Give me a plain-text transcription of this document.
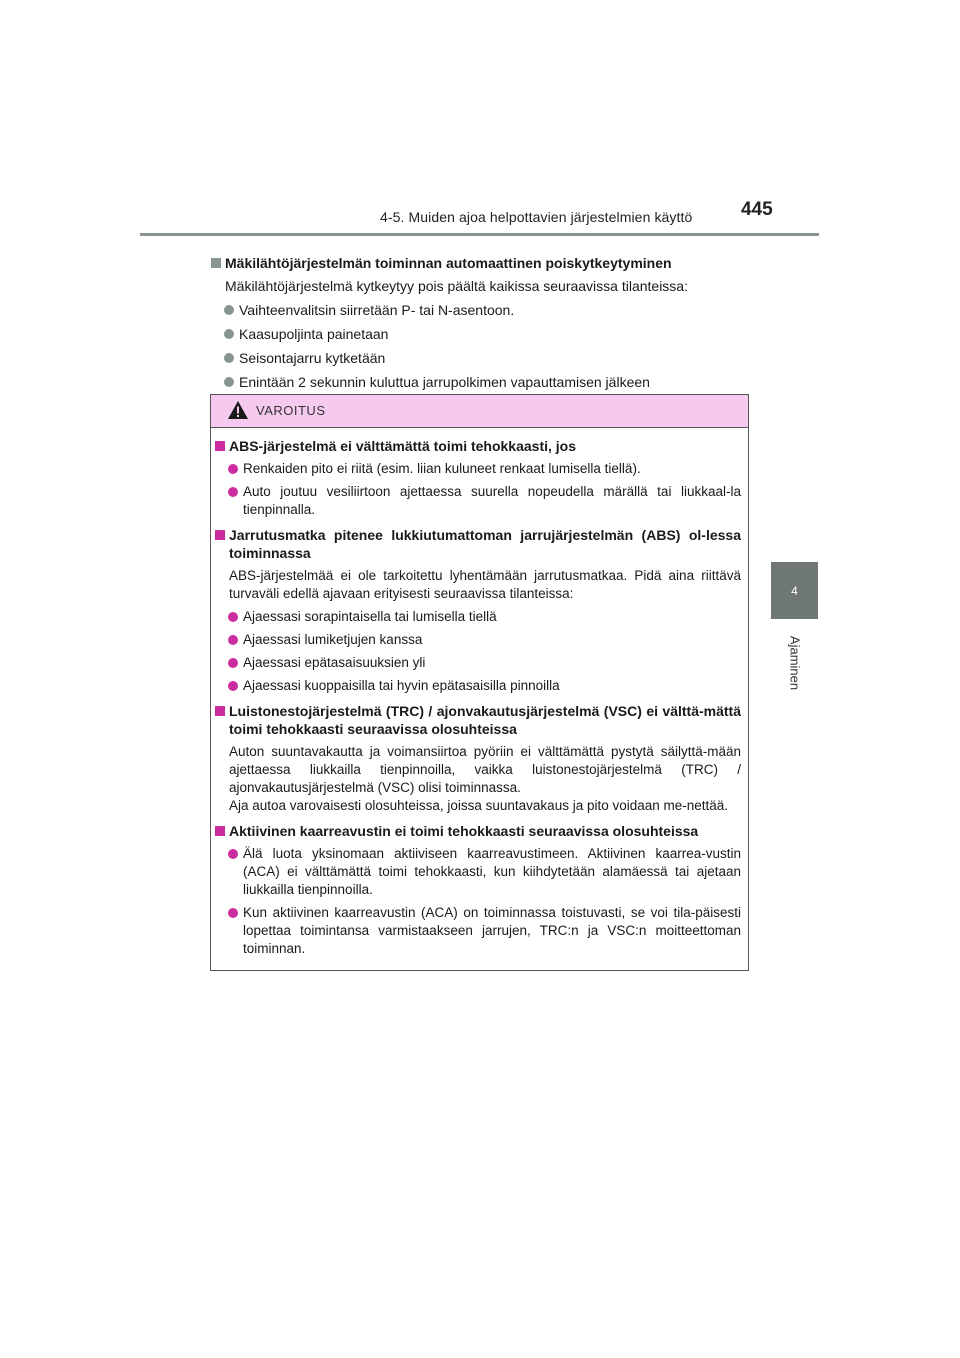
4-5. Muiden ajoa helpottavien järjestelmien käyttö	445
4
Ajaminen
Mäkilähtöjärjestelmän toiminnan automaattinen poiskytkeytyminen
Mäkilähtöjärjestelmä kytkeytyy pois päältä kaikissa seuraavissa tilanteissa:
Vaihteenvalitsin siirretään P- tai N-asentoon.
Kaasupoljinta painetaan
Seisontajarru kytketään
Enintään 2 sekunnin kuluttua jarrupolkimen vapauttamisen jälkeen
VAROITUS
ABS-järjestelmä ei välttämättä toimi tehokkaasti, jos
Renkaiden pito ei riitä (esim. liian kuluneet renkaat lumisella tiellä).
Auto joutuu vesiliirtoon ajettaessa suurella nopeudella märällä tai liukkaal-la tienpinnalla.
Jarrutusmatka pitenee lukkiutumattoman jarrujärjestelmän (ABS) ol-lessa toiminnassa
ABS-järjestelmää ei ole tarkoitettu lyhentämään jarrutusmatkaa. Pidä aina riittävä turvaväli edellä ajavaan erityisesti seuraavissa tilanteissa:
Ajaessasi sorapintaisella tai lumisella tiellä
Ajaessasi lumiketjujen kanssa
Ajaessasi epätasaisuuksien yli
Ajaessasi kuoppaisilla tai hyvin epätasaisilla pinnoilla
Luistonestojärjestelmä (TRC) / ajonvakautusjärjestelmä (VSC) ei välttä-mättä toimi tehokkaasti seuraavissa olosuhteissa
Auton suuntavakautta ja voimansiirtoa pyöriin ei välttämättä pystytä säilyttä-mään ajettaessa liukkailla tienpinnoilla, vaikka luistonestojärjestelmä (TRC) / ajonvakautusjärjestelmä (VSC) olisi toiminnassa.
Aja autoa varovaisesti olosuhteissa, joissa suuntavakaus ja pito voidaan me-nettää.
Aktiivinen kaarreavustin ei toimi tehokkaasti seuraavissa olosuhteissa
Älä luota yksinomaan aktiiviseen kaarreavustimeen. Aktiivinen kaarrea-vustin (ACA) ei välttämättä toimi tehokkaasti, kun kiihdytetään alamäessä tai ajetaan liukkailla tienpinnoilla.
Kun aktiivinen kaarreavustin (ACA) on toiminnassa toistuvasti, se voi tila-päisesti lopettaa toimintansa varmistaakseen jarrujen, TRC:n ja VSC:n moitteettoman toiminnan.
